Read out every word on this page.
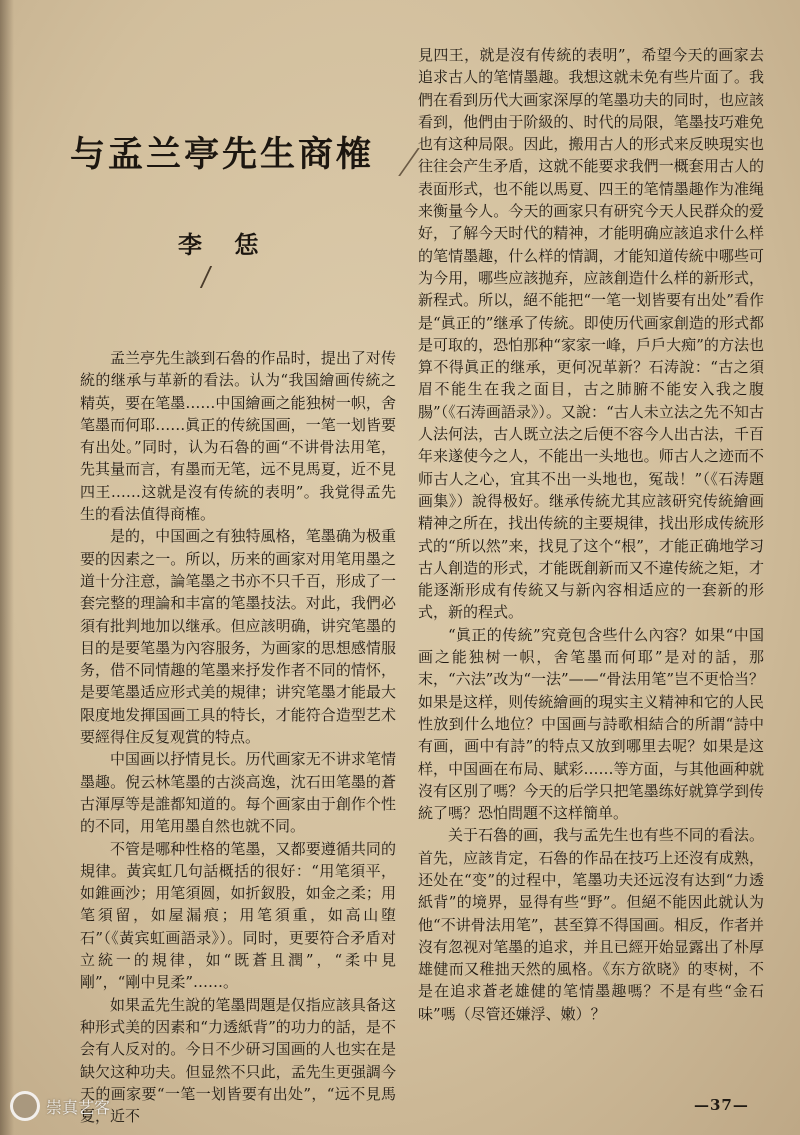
与孟兰亭先生商榷
李 恁

孟兰亭先生談到石魯的作品时，提出了对传統的继承与革新的看法。认为“我国繪画传統之精英，要在笔墨……中国繪画之能独树一帜，舍笔墨而何耶……眞正的传統国画，一笔一划皆要有出处。”同时，认为石魯的画“不讲骨法用笔，先其量而言，有墨而无笔，远不見馬夏，近不見四王……这就是沒有传統的表明”。我覚得孟先生的看法值得商榷。

是的，中国画之有独特風格，笔墨确为极重要的因素之一。所以，历来的画家对用笔用墨之道十分注意，論笔墨之书亦不只千百，形成了一套完整的理論和丰富的笔墨技法。对此，我們必須有批判地加以继承。但应該明确，讲究笔墨的目的是要笔墨为內容服务，为画家的思想感情服务，借不同情趣的笔墨来抒发作者不同的情怀，是要笔墨适应形式美的規律；讲究笔墨才能最大限度地发揮国画工具的特长，才能符合造型艺术要經得住反复观賞的特点。

中国画以抒情見长。历代画家无不讲求笔情墨趣。倪云林笔墨的古淡高逸，沈石田笔墨的蒼古渾厚等是誰都知道的。每个画家由于創作个性的不同，用笔用墨自然也就不同。

不管是哪种性格的笔墨，又都要遵循共同的規律。黃宾虹几句話概括的很好：“用笔須平，如錐画沙；用笔須圆，如折釵股，如金之柔；用笔須留，如屋漏痕；用笔須重，如高山堕石”（《黃宾虹画語录》）。同时，更要符合矛盾对立統一的規律，如“既蒼且潤”，“柔中見剛”，“剛中見柔”……。

如果孟先生說的笔墨問題是仅指应該具备这种形式美的因素和“力透紙背”的功力的話，是不会有人反对的。今日不少研习国画的人也实在是缺欠这种功夫。但显然不只此，孟先生更强調今天的画家要“一笔一划皆要有出处”，“远不見馬夏，近不

見四王，就是沒有传統的表明”，希望今天的画家去追求古人的笔情墨趣。我想这就未免有些片面了。我們在看到历代大画家深厚的笔墨功夫的同时，也应該看到，他們由于阶級的、时代的局限，笔墨技巧难免也有这种局限。因此，搬用古人的形式来反映現实也往往会产生矛盾，这就不能要求我們一概套用古人的表面形式，也不能以馬夏、四王的笔情墨趣作为准绳来衡量今人。今天的画家只有研究今天人民群众的爱好，了解今天时代的精神，才能明确应該追求什么样的笔情墨趣，什么样的情調，才能知道传統中哪些可为今用，哪些应該抛弃，应該創造什么样的新形式，新程式。所以，絕不能把“一笔一划皆要有出处”看作是“眞正的”继承了传統。即使历代画家創造的形式都是可取的，恐怕那种“家家一峰，戶戶大痴”的方法也算不得眞正的继承，更何况革新？石涛說：“古之須眉不能生在我之面目，古之肺腑不能安入我之腹腸”（《石涛画語录》）。又說：“古人未立法之先不知古人法何法，古人既立法之后便不容今人出古法，千百年来遂使今之人，不能出一头地也。师古人之迹而不师古人之心，宜其不出一头地也，冤哉！”（《石涛題画集》）說得极好。继承传統尤其应該研究传統繪画精神之所在，找出传統的主要規律，找出形成传統形式的“所以然”来，找見了这个“根”，才能正确地学习古人創造的形式，才能既創新而又不違传統之矩，才能逐渐形成有传統又与新內容相适应的一套新的形式，新的程式。

“眞正的传統”究竟包含些什么內容？如果“中国画之能独树一帜，舍笔墨而何耶”是对的話，那末，“六法”改为“一法”——“骨法用笔”岂不更恰当？如果是这样，则传統繪画的現实主义精神和它的人民性放到什么地位？中国画与詩歌相結合的所謂“詩中有画，画中有詩”的特点又放到哪里去呢？如果是这样，中国画在布局、賦彩……等方面，与其他画种就沒有区別了嗎？今天的后学只把笔墨练好就算学到传統了嗎？恐怕問題不这样簡单。

关于石魯的画，我与孟先生也有些不同的看法。首先，应該肯定，石魯的作品在技巧上还沒有成熟，还处在“变”的过程中，笔墨功夫还远沒有达到“力透紙背”的境界，显得有些“野”。但絕不能因此就认为他“不讲骨法用笔”，甚至算不得国画。相反，作者并沒有忽视对笔墨的追求，并且已經开始显露出了朴厚雄健而又稚拙天然的風格。《东方欲晓》的枣树，不是在追求蒼老雄健的笔情墨趣嗎？不是有些“金石味”嗎（尽管还嫌浮、嫩）？

—37—
崇真艺客
